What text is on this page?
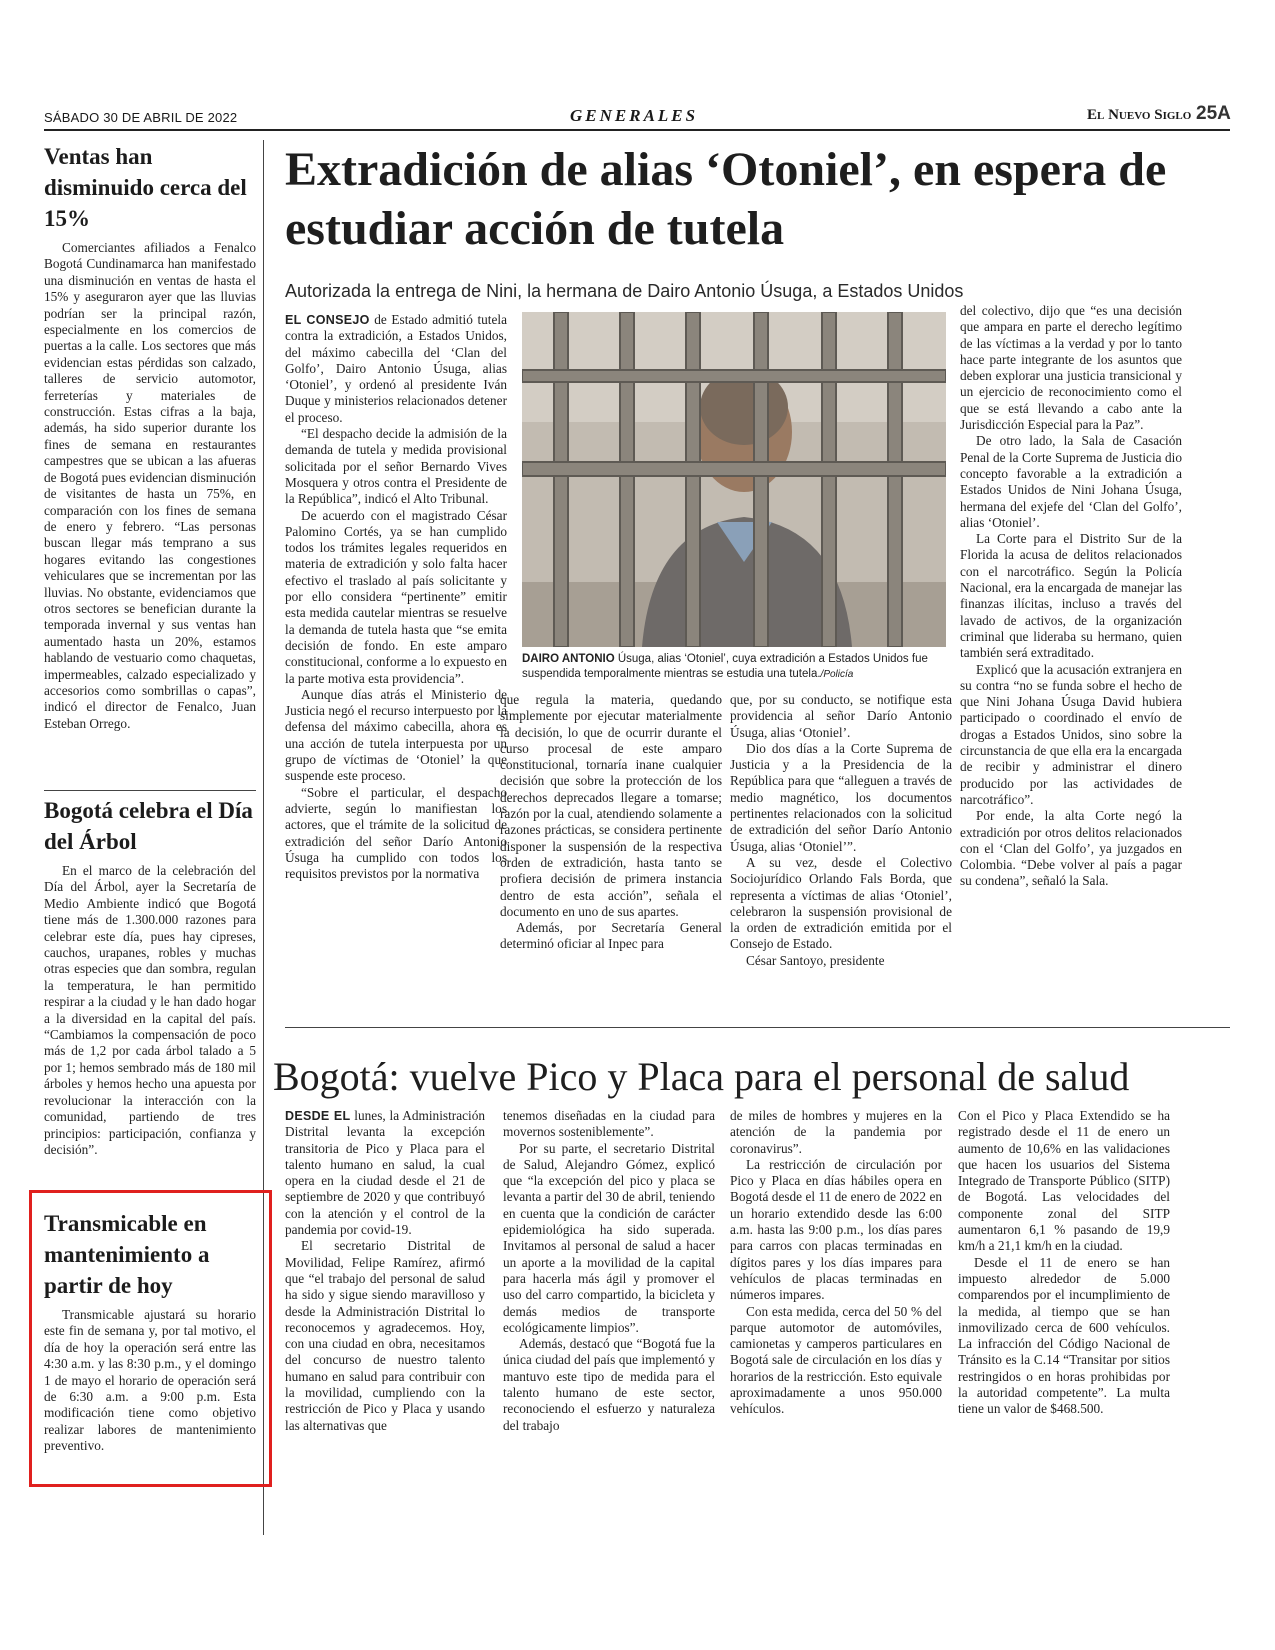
SÁBADO 30 DE ABRIL DE 2022	GENERALES	El Nuevo Siglo 25A
Ventas han disminuido cerca del 15%
Comerciantes afiliados a Fenalco Bogotá Cundinamarca han manifestado una disminución en ventas de hasta el 15% y aseguraron ayer que las lluvias podrían ser la principal razón, especialmente en los comercios de puertas a la calle. Los sectores que más evidencian estas pérdidas son calzado, talleres de servicio automotor, ferreterías y materiales de construcción. Estas cifras a la baja, además, ha sido superior durante los fines de semana en restaurantes campestres que se ubican a las afueras de Bogotá pues evidencian disminución de visitantes de hasta un 75%, en comparación con los fines de semana de enero y febrero. “Las personas buscan llegar más temprano a sus hogares evitando las congestiones vehiculares que se incrementan por las lluvias. No obstante, evidenciamos que otros sectores se benefician durante la temporada invernal y sus ventas han aumentado hasta un 20%, estamos hablando de vestuario como chaquetas, impermeables, calzado especializado y accesorios como sombrillas o capas”, indicó el director de Fenalco, Juan Esteban Orrego.
Bogotá celebra el Día del Árbol
En el marco de la celebración del Día del Árbol, ayer la Secretaría de Medio Ambiente indicó que Bogotá tiene más de 1.300.000 razones para celebrar este día, pues hay cipreses, cauchos, urapanes, robles y muchas otras especies que dan sombra, regulan la temperatura, le han permitido respirar a la ciudad y le han dado hogar a la diversidad en la capital del país. “Cambiamos la compensación de poco más de 1,2 por cada árbol talado a 5 por 1; hemos sembrado más de 180 mil árboles y hemos hecho una apuesta por revolucionar la interacción con la comunidad, partiendo de tres principios: participación, confianza y decisión”.
Transmicable en mantenimiento a partir de hoy
Transmicable ajustará su horario este fin de semana y, por tal motivo, el día de hoy la operación será entre las 4:30 a.m. y las 8:30 p.m., y el domingo 1 de mayo el horario de operación será de 6:30 a.m. a 9:00 p.m. Esta modificación tiene como objetivo realizar labores de mantenimiento preventivo.
Extradición de alias ‘Otoniel’, en espera de estudiar acción de tutela
Autorizada la entrega de Nini, la hermana de Dairo Antonio Úsuga, a Estados Unidos

EL CONSEJO de Estado admitió tutela contra la extradición, a Estados Unidos, del máximo cabecilla del ‘Clan del Golfo’, Dairo Antonio Úsuga, alias ‘Otoniel’, y ordenó al presidente Iván Duque y ministerios relacionados detener el proceso.

“El despacho decide la admisión de la demanda de tutela y medida provisional solicitada por el señor Bernardo Vives Mosquera y otros contra el Presidente de la República”, indicó el Alto Tribunal.

De acuerdo con el magistrado César Palomino Cortés, ya se han cumplido todos los trámites legales requeridos en materia de extradición y solo falta hacer efectivo el traslado al país solicitante y por ello considera “pertinente” emitir esta medida cautelar mientras se resuelve la demanda de tutela hasta que “se emita decisión de fondo. En este amparo constitucional, conforme a lo expuesto en la parte motiva esta providencia”.

Aunque días atrás el Ministerio de Justicia negó el recurso interpuesto por la defensa del máximo cabecilla, ahora es una acción de tutela interpuesta por un grupo de víctimas de ‘Otoniel’ la que suspende este proceso.

“Sobre el particular, el despacho advierte, según lo manifiestan los actores, que el trámite de la solicitud de extradición del señor Darío Antonio Úsuga ha cumplido con todos los requisitos previstos por la normativa

DAIRO ANTONIO Úsuga, alias ‘Otoniel’, cuya extradición a Estados Unidos fue suspendida temporalmente mientras se estudia una tutela./Policía

que regula la materia, quedando simplemente por ejecutar materialmente la decisión, lo que de ocurrir durante el curso procesal de este amparo constitucional, tornaría inane cualquier decisión que sobre la protección de los derechos deprecados llegare a tomarse; razón por la cual, atendiendo solamente a razones prácticas, se considera pertinente disponer la suspensión de la respectiva orden de extradición, hasta tanto se profiera decisión de primera instancia dentro de esta acción”, señala el documento en uno de sus apartes.

Además, por Secretaría General determinó oficiar al Inpec para

que, por su conducto, se notifique esta providencia al señor Darío Antonio Úsuga, alias ‘Otoniel’.

Dio dos días a la Corte Suprema de Justicia y a la Presidencia de la República para que “alleguen a través de medio magnético, los documentos pertinentes relacionados con la solicitud de extradición del señor Darío Antonio Úsuga, alias ‘Otoniel’”.

A su vez, desde el Colectivo Sociojurídico Orlando Fals Borda, que representa a víctimas de alias ‘Otoniel’, celebraron la suspensión provisional de la orden de extradición emitida por el Consejo de Estado.

César Santoyo, presidente

del colectivo, dijo que “es una decisión que ampara en parte el derecho legítimo de las víctimas a la verdad y por lo tanto hace parte integrante de los asuntos que deben explorar una justicia transicional y un ejercicio de reconocimiento como el que se está llevando a cabo ante la Jurisdicción Especial para la Paz”.

De otro lado, la Sala de Casación Penal de la Corte Suprema de Justicia dio concepto favorable a la extradición a Estados Unidos de Nini Johana Úsuga, hermana del exjefe del ‘Clan del Golfo’, alias ‘Otoniel’.

La Corte para el Distrito Sur de la Florida la acusa de delitos relacionados con el narcotráfico. Según la Policía Nacional, era la encargada de manejar las finanzas ilícitas, incluso a través del lavado de activos, de la organización criminal que lideraba su hermano, quien también será extraditado.

Explicó que la acusación extranjera en su contra “no se funda sobre el hecho de que Nini Johana Úsuga David hubiera participado o coordinado el envío de drogas a Estados Unidos, sino sobre la circunstancia de que ella era la encargada de recibir y administrar el dinero producido por las actividades de narcotráfico”.

Por ende, la alta Corte negó la extradición por otros delitos relacionados con el ‘Clan del Golfo’, ya juzgados en Colombia. “Debe volver al país a pagar su condena”, señaló la Sala.

Bogotá: vuelve Pico y Placa para el personal de salud

DESDE EL lunes, la Administración Distrital levanta la excepción transitoria de Pico y Placa para el talento humano en salud, la cual opera en la ciudad desde el 21 de septiembre de 2020 y que contribuyó con la atención y el control de la pandemia por covid-19.

El secretario Distrital de Movilidad, Felipe Ramírez, afirmó que “el trabajo del personal de salud ha sido y sigue siendo maravilloso y desde la Administración Distrital lo reconocemos y agradecemos. Hoy, con una ciudad en obra, necesitamos del concurso de nuestro talento humano en salud para contribuir con la movilidad, cumpliendo con la restricción de Pico y Placa y usando las alternativas que

tenemos diseñadas en la ciudad para movernos sosteniblemente”.

Por su parte, el secretario Distrital de Salud, Alejandro Gómez, explicó que “la excepción del pico y placa se levanta a partir del 30 de abril, teniendo en cuenta que la condición de carácter epidemiológica ha sido superada. Invitamos al personal de salud a hacer un aporte a la movilidad de la capital para hacerla más ágil y promover el uso del carro compartido, la bicicleta y demás medios de transporte ecológicamente limpios”.

Además, destacó que “Bogotá fue la única ciudad del país que implementó y mantuvo este tipo de medida para el talento humano de este sector, reconociendo el esfuerzo y naturaleza del trabajo

de miles de hombres y mujeres en la atención de la pandemia por coronavirus”.

La restricción de circulación por Pico y Placa en días hábiles opera en Bogotá desde el 11 de enero de 2022 en un horario extendido desde las 6:00 a.m. hasta las 9:00 p.m., los días pares para carros con placas terminadas en dígitos pares y los días impares para vehículos de placas terminadas en números impares.

Con esta medida, cerca del 50 % del parque automotor de automóviles, camionetas y camperos particulares en Bogotá sale de circulación en los días y horarios de la restricción. Esto equivale aproximadamente a unos 950.000 vehículos.

Con el Pico y Placa Extendido se ha registrado desde el 11 de enero un aumento de 10,6% en las validaciones que hacen los usuarios del Sistema Integrado de Transporte Público (SITP) de Bogotá. Las velocidades del componente zonal del SITP aumentaron 6,1 % pasando de 19,9 km/h a 21,1 km/h en la ciudad.

Desde el 11 de enero se han impuesto alrededor de 5.000 comparendos por el incumplimiento de la medida, al tiempo que se han inmovilizado cerca de 600 vehículos. La infracción del Código Nacional de Tránsito es la C.14 “Transitar por sitios restringidos o en horas prohibidas por la autoridad competente”. La multa tiene un valor de $468.500.
